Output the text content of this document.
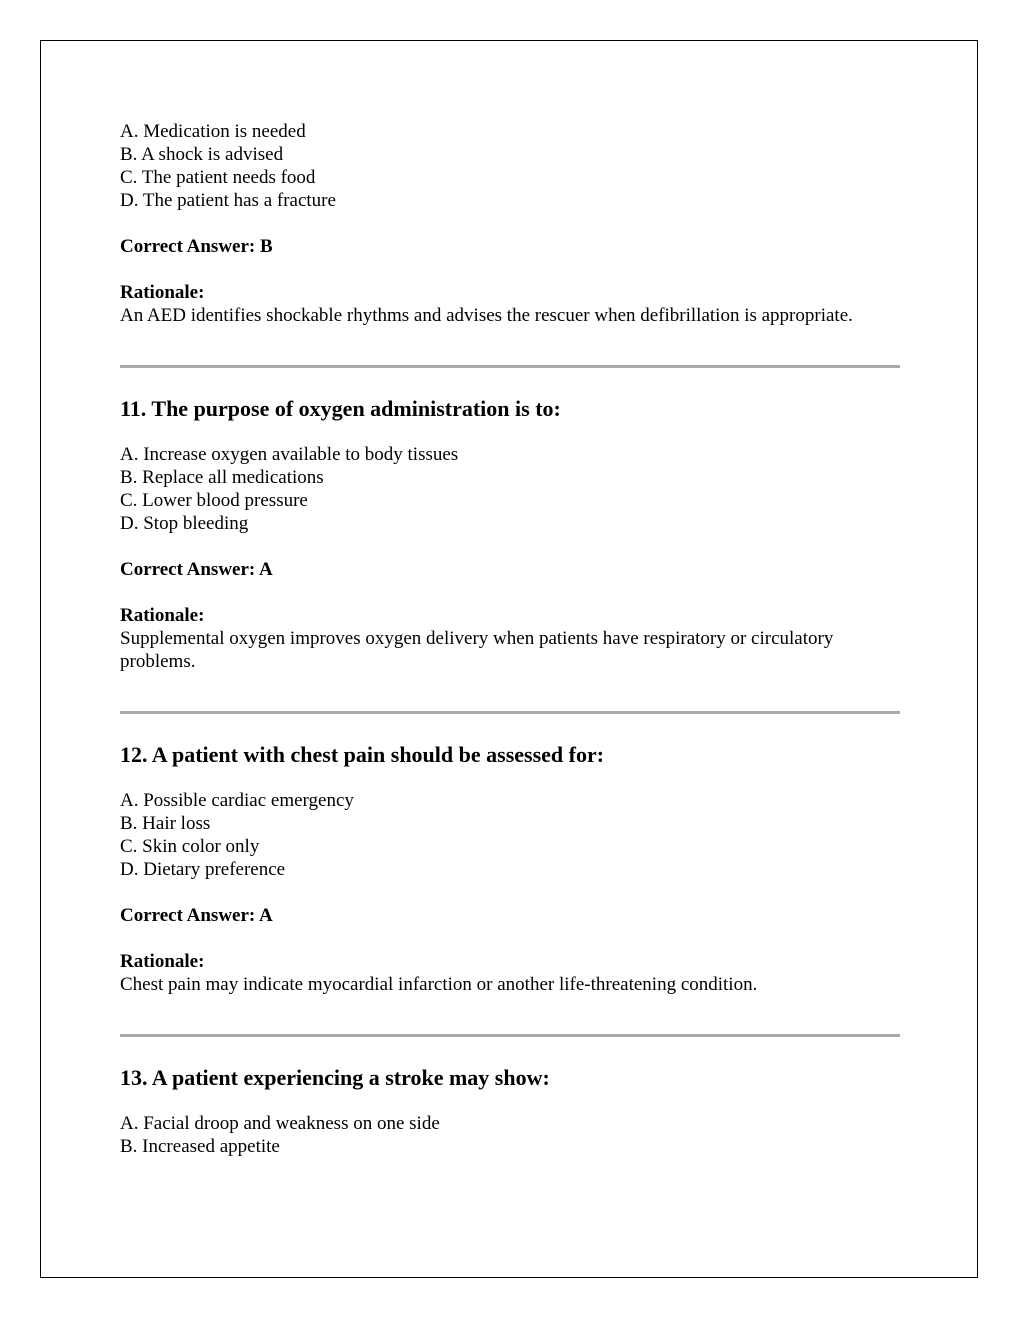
A. Medication is needed

B. A shock is advised

C. The patient needs food

D. The patient has a fracture

Correct Answer: B

Rationale:

An AED identifies shockable rhythms and advises the rescuer when defibrillation is appropriate.

11. The purpose of oxygen administration is to:

A. Increase oxygen available to body tissues

B. Replace all medications

C. Lower blood pressure

D. Stop bleeding

Correct Answer: A

Rationale:

Supplemental oxygen improves oxygen delivery when patients have respiratory or circulatory problems.

12. A patient with chest pain should be assessed for:

A. Possible cardiac emergency

B. Hair loss

C. Skin color only

D. Dietary preference

Correct Answer: A

Rationale:

Chest pain may indicate myocardial infarction or another life-threatening condition.

13. A patient experiencing a stroke may show:

A. Facial droop and weakness on one side

B. Increased appetite
